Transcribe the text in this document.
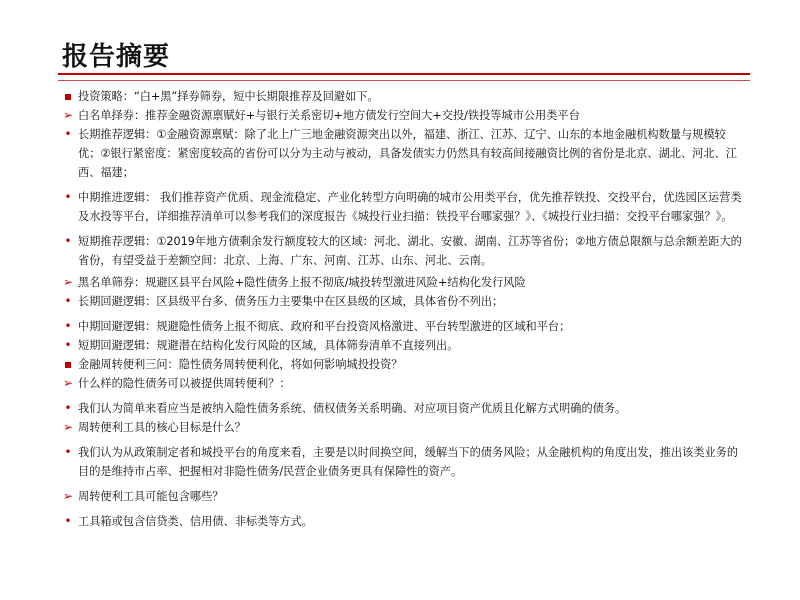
报告摘要
投资策略：“白+黑”择券筛券，短中长期限推荐及回避如下。
➢ 白名单择券：推荐金融资源禀赋好+与银行关系密切+地方债发行空间大+交投/铁投等城市公用类平台
• 长期推荐逻辑：①金融资源禀赋：除了北上广三地金融资源突出以外，福建、浙江、江苏、辽宁、山东的本地金融机构数量与规模较优；②银行紧密度：紧密度较高的省份可以分为主动与被动，具备发债实力仍然具有较高间接融资比例的省份是北京、湖北、河北、江西、福建；
• 中期推进逻辑： 我们推荐资产优质、现金流稳定、产业化转型方向明确的城市公用类平台，优先推荐铁投、交投平台，优选园区运营类及水投等平台，详细推荐清单可以参考我们的深度报告《城投行业扫描：铁投平台哪家强？》、《城投行业扫描：交投平台哪家强？》。
• 短期推荐逻辑：①2019年地方债剩余发行额度较大的区域：河北、湖北、安徽、湖南、江苏等省份；②地方债总限额与总余额差距大的省份，有望受益于差额空间：北京、上海、广东、河南、江苏、山东、河北、云南。
➢ 黑名单筛券：规避区县平台风险+隐性债务上报不彻底/城投转型激进风险+结构化发行风险
• 长期回避逻辑：区县级平台多、债务压力主要集中在区县级的区域，具体省份不列出；
• 中期回避逻辑：规避隐性债务上报不彻底、政府和平台投资风格激进、平台转型激进的区域和平台；
• 短期回避逻辑：规避潜在结构化发行风险的区域，具体筛券清单不直接列出。
金融周转便利三问：隐性债务周转便利化，将如何影响城投投资？
➢ 什么样的隐性债务可以被提供周转便利？：
• 我们认为简单来看应当是被纳入隐性债务系统、债权债务关系明确、对应项目资产优质且化解方式明确的债务。
➢ 周转便利工具的核心目标是什么？
• 我们认为从政策制定者和城投平台的角度来看，主要是以时间换空间，缓解当下的债务风险；从金融机构的角度出发，推出该类业务的目的是维持市占率、把握相对非隐性债务/民营企业债务更具有保障性的资产。
➢ 周转便利工具可能包含哪些？
• 工具箱或包含信贷类、信用债、非标类等方式。
